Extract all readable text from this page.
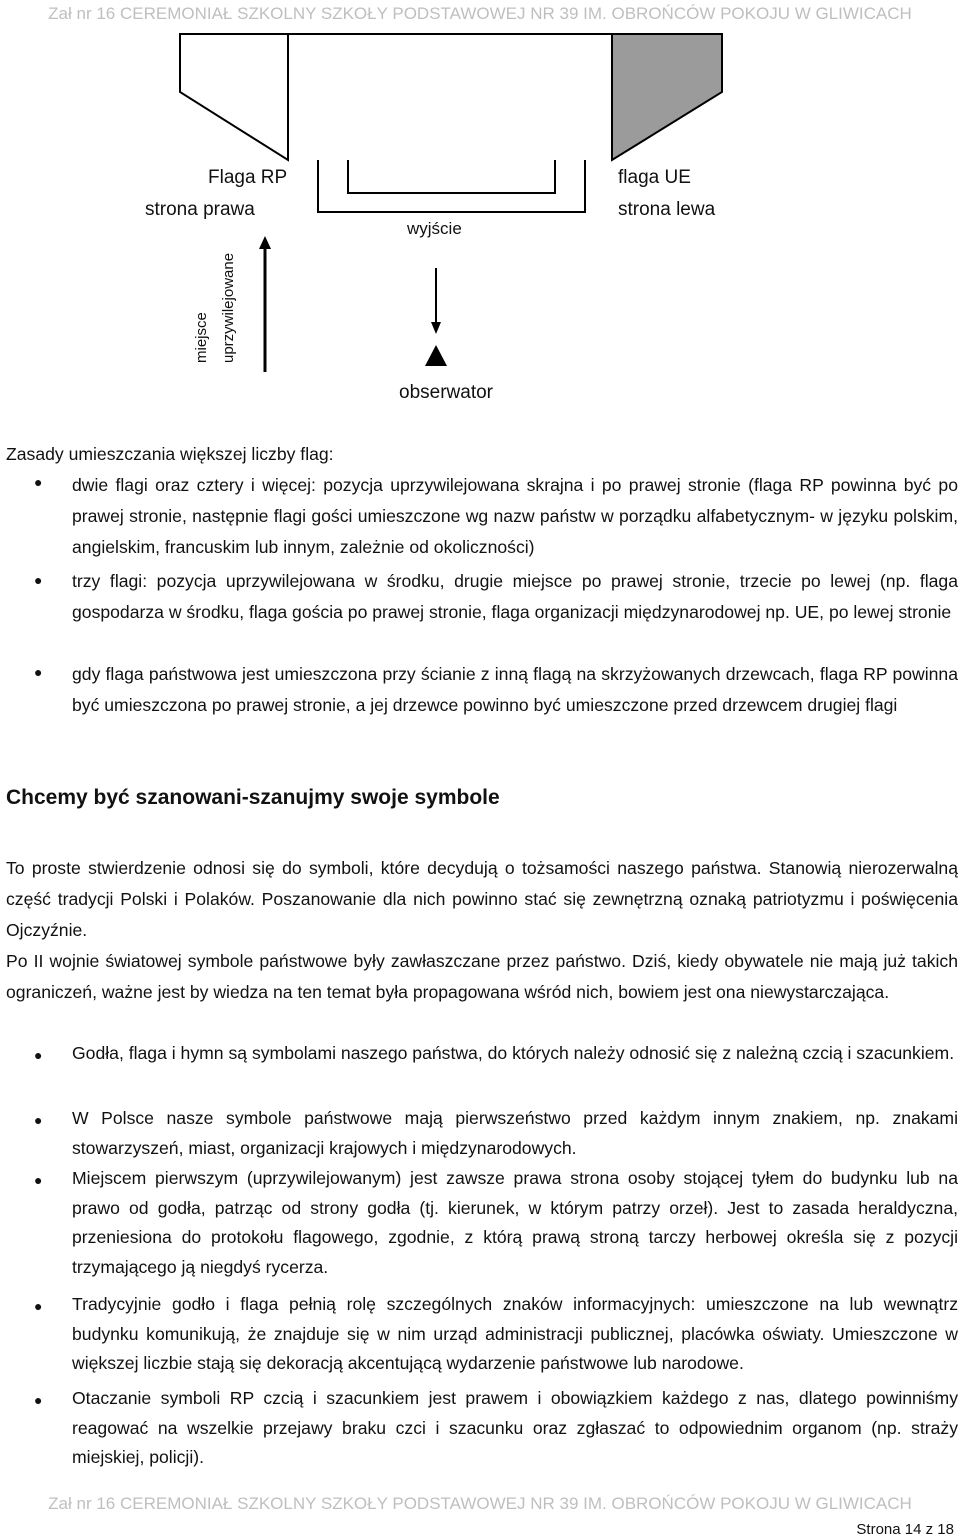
Zał nr 16 CEREMONIAŁ SZKOLNY SZKOŁY PODSTAWOWEJ NR 39 IM. OBROŃCÓW POKOJU W GLIWICACH
Flaga RP
strona prawa
flaga UE
strona lewa
wyjście
miejsce uprzywilejowane
obserwator
Zasady umieszczania większej liczby flag:
● dwie flagi oraz cztery i więcej: pozycja uprzywilejowana skrajna i po prawej stronie (flaga RP powinna być po prawej stronie, następnie flagi gości umieszczone wg nazw państw w porządku alfabetycznym- w języku polskim, angielskim, francuskim lub innym, zależnie od okoliczności)
● trzy flagi: pozycja uprzywilejowana w środku, drugie miejsce po prawej stronie, trzecie po lewej (np. flaga gospodarza w środku, flaga gościa po prawej stronie, flaga organizacji międzynarodowej np. UE, po lewej stronie
● gdy flaga państwowa jest umieszczona przy ścianie z inną flagą na skrzyżowanych drzewcach, flaga RP powinna być umieszczona po prawej stronie, a jej drzewce powinno być umieszczone przed drzewcem drugiej flagi
Chcemy być szanowani-szanujmy swoje symbole
To proste stwierdzenie odnosi się do symboli, które decydują o tożsamości naszego państwa. Stanowią nierozerwalną część tradycji Polski i Polaków. Poszanowanie dla nich powinno stać się zewnętrzną oznaką patriotyzmu i poświęcenia Ojczyźnie.
Po II wojnie światowej symbole państwowe były zawłaszczane przez państwo. Dziś, kiedy obywatele nie mają już takich ograniczeń, ważne jest by wiedza na ten temat była propagowana wśród nich, bowiem jest ona niewystarczająca.
● Godła, flaga i hymn są symbolami naszego państwa, do których należy odnosić się z należną czcią i szacunkiem.
● W Polsce nasze symbole państwowe mają pierwszeństwo przed każdym innym znakiem, np. znakami stowarzyszeń, miast, organizacji krajowych i międzynarodowych.
● Miejscem pierwszym (uprzywilejowanym) jest zawsze prawa strona osoby stojącej tyłem do budynku lub na prawo od godła, patrząc od strony godła (tj. kierunek, w którym patrzy orzeł). Jest to zasada heraldyczna, przeniesiona do protokołu flagowego, zgodnie, z którą prawą stroną tarczy herbowej określa się z pozycji trzymającego ją niegdyś rycerza.
● Tradycyjnie godło i flaga pełnią rolę szczególnych znaków informacyjnych: umieszczone na lub wewnątrz budynku komunikują, że znajduje się w nim urząd administracji publicznej, placówka oświaty. Umieszczone w większej liczbie stają się dekoracją akcentującą wydarzenie państwowe lub narodowe.
● Otaczanie symboli RP czcią i szacunkiem jest prawem i obowiązkiem każdego z nas, dlatego powinniśmy reagować na wszelkie przejawy braku czci i szacunku oraz zgłaszać to odpowiednim organom (np. straży miejskiej, policji).
Zał nr 16 CEREMONIAŁ SZKOLNY SZKOŁY PODSTAWOWEJ NR 39 IM. OBROŃCÓW POKOJU W GLIWICACH
Strona 14 z 18
